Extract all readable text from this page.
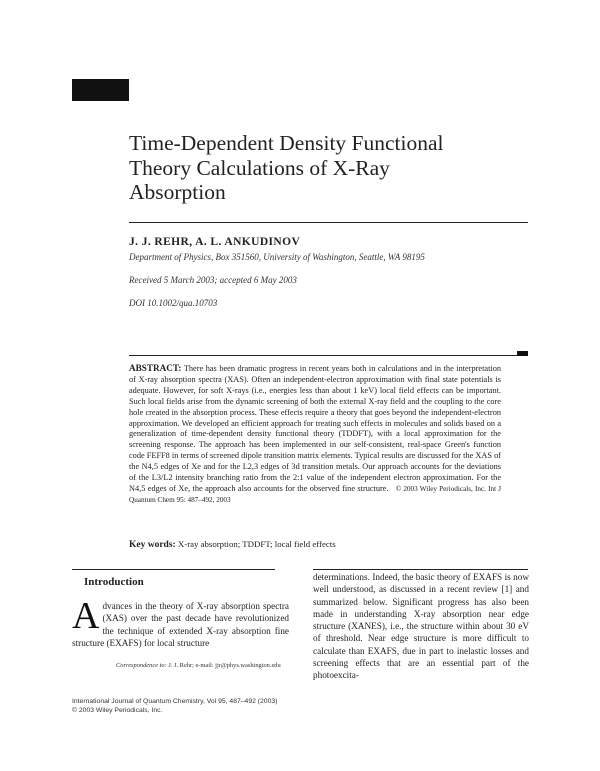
Time-Dependent Density Functional
Theory Calculations of X-Ray
Absorption
J. J. REHR, A. L. ANKUDINOV
Department of Physics, Box 351560, University of Washington, Seattle, WA 98195
Received 5 March 2003; accepted 6 May 2003
DOI 10.1002/qua.10703
ABSTRACT: There has been dramatic progress in recent years both in calculations and in the interpretation of X-ray absorption spectra (XAS). Often an independent-electron approximation with final state potentials is adequate. However, for soft X-rays (i.e., energies less than about 1 keV) local field effects can be important. Such local fields arise from the dynamic screening of both the external X-ray field and the coupling to the core hole created in the absorption process. These effects require a theory that goes beyond the independent-electron approximation. We developed an efficient approach for treating such effects in molecules and solids based on a generalization of time-dependent density functional theory (TDDFT), with a local approximation for the screening response. The approach has been implemented in our self-consistent, real-space Green's function code FEFF8 in terms of screened dipole transition matrix elements. Typical results are discussed for the XAS of the N4,5 edges of Xe and for the L2,3 edges of 3d transition metals. Our approach accounts for the deviations of the L3/L2 intensity branching ratio from the 2:1 value of the independent electron approximation. For the N4,5 edges of Xe, the approach also accounts for the observed fine structure. © 2003 Wiley Periodicals, Inc. Int J Quantum Chem 95: 487–492, 2003
Key words: X-ray absorption; TDDFT; local field effects
Introduction
Advances in the theory of X-ray absorption spectra (XAS) over the past decade have revolutionized the technique of extended X-ray absorption fine structure (EXAFS) for local structure
Correspondence to: J. J. Rehr; e-mail: jjr@phys.washington.edu
determinations. Indeed, the basic theory of EXAFS is now well understood, as discussed in a recent review [1] and summarized below. Significant progress has also been made in understanding X-ray absorption near edge structure (XANES), i.e., the structure within about 30 eV of threshold. Near edge structure is more difficult to calculate than EXAFS, due in part to inelastic losses and screening effects that are an essential part of the photoexcita-
International Journal of Quantum Chemistry, Vol 95, 487–492 (2003)
© 2003 Wiley Periodicals, Inc.
